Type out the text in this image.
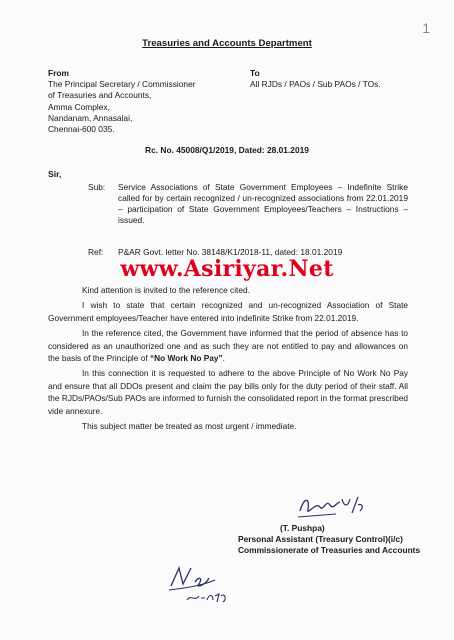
1
Treasuries and Accounts Department
From
The Principal Secretary / Commissioner
of Treasuries and Accounts,
Amma Complex,
Nandanam, Annasalai,
Chennai-600 035.
To
All RJDs / PAOs / Sub PAOs / TOs.
Rc. No. 45008/Q1/2019, Dated: 28.01.2019
Sir,
Sub: Service Associations of State Government Employees – Indefinite Strike called for by certain recognized / un-recognized associations from 22.01.2019 – participation of State Government Employees/Teachers – Instructions – issued.
Ref: P&AR Govt. letter No. 38148/K1/2018-11, dated: 18.01.2019
www.Asiriyar.Net

Kind attention is invited to the reference cited.

I wish to state that certain recognized and un-recognized Association of State Government employees/Teacher have entered into indefinite Strike from 22.01.2019.

In the reference cited, the Government have informed that the period of absence has to considered as an unauthorized one and as such they are not entitled to pay and allowances on the basis of the Principle of “No Work No Pay”.

In this connection it is requested to adhere to the above Principle of No Work No Pay and ensure that all DDOs present and claim the pay bills only for the duty period of their staff. All the RJDs/PAOs/Sub PAOs are informed to furnish the consolidated report in the format prescribed vide annexure.

This subject matter be treated as most urgent / immediate.

(T. Pushpa)
Personal Assistant (Treasury Control)(i/c)
Commissionerate of Treasuries and Accounts
